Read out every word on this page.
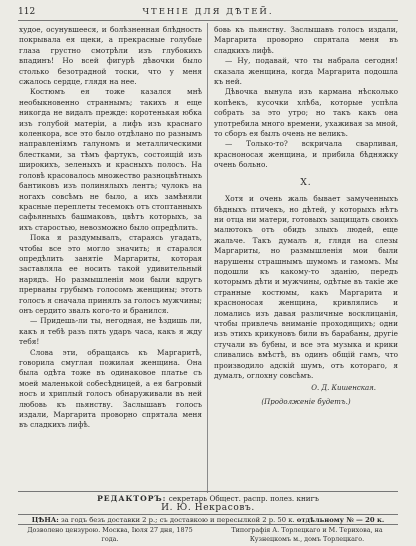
112	ЧТЕНІЕ ДЛЯ ДѢТЕЙ.

худое, осунувшееся, и болѣзненная блѣдность покрывала ея щеки, а прекрасные голубые глаза грустно смотрѣли изъ глубокихъ впадинъ! Но всей фигурѣ дѣвочки было столько безотрадной тоски, что у меня сжалось сердце, глядя на нее.

Костюмъ ея тоже казался мнѣ необыкновенно страннымъ; такихъ я еще никогда не видалъ прежде: коротенькая юбка изъ голубой матеріи, а лифъ изъ краснаго коленкора, все это было отдѣлано по разнымъ направленіямъ галуномъ и металлическими блестками, за тѣмъ фартукъ, состоящій изъ широкихъ, зеленыхъ и красныхъ полосъ. На головѣ красовалось множество разноцвѣтныхъ бантиковъ изъ полинялыхъ лентъ; чулокъ на ногахъ совсѣмъ не было, а ихъ замѣняли красные переплеты тесемокъ отъ стоптанныхъ сафьянныхъ башмаковъ, цвѣтъ которыхъ, за ихъ старостью, невозможно было опредѣлить.

Пока я раздумывалъ, стараясь угадать, чтобы все это могло значить; я старался опредѣлить занятіе Маргариты, которая заставляла ее носить такой удивительный нарядъ. Но размышленія мои были вдругъ прерваны грубымъ голосомъ женщины; этотъ голосъ я сначала принялъ за голосъ мужчины; онъ сердито звалъ кого-то и бранился.

— Придешь-ли ты, негодная, не ѣздишь ли, какъ я тебѣ разъ пять ударъ часа, какъ я жду тебя!

Слова эти, обращаясь къ Маргаритѣ, говорила смуглая пожилая женщина. Она была одѣта тоже въ одинаковое платье съ моей маленькой собесѣдницей, а ея багровый носъ и хриплый голосъ обнаруживали въ ней любовь къ пьянству. Заслышавъ голосъ издали, Маргарита проворно спрятала меня въ сладкихъ лифѣ.

бовь къ пьянству. Заслышавъ голосъ издали, Маргарита проворно спрятала меня въ сладкихъ лифѣ.

— Ну, подавай, что ты набрала сегодня! сказала женщина, когда Маргарита подошла къ ней.

Дѣвочка вынула изъ кармана нѣсколько копѣекъ, кусочки хлѣба, которые успѣла собрать за это утро; но такъ какъ она употребила много времени, ухаживая за мной, то сборъ ея былъ очень не великъ.

— Только-то? вскричала сварливая, красноносая женщина, и прибила бѣдняжку очень больно.

X.

Хотя и очень жаль бывает замученныхъ бѣдныхъ птичекъ, но дѣтей, у которыхъ нѣтъ ни отца ни матери, готовыхъ защищать своихъ малютокъ отъ обидъ злыхъ людей, еще жальче. Такъ думалъ я, глядя на слезы Маргариты, но размышленія мои были нарушены страшнымъ шумомъ и гамомъ. Мы подошли къ какому-то зданію, передъ которымъ дѣти и мужчины, одѣтые въ такіе же странные костюмы, какъ Маргарита и красноносая женщина, кривлялись и ломались изъ давая различные восклицанія, чтобы привлечь вниманіе проходящихъ; одни изъ этихъ крикуновъ били въ барабаны, другіе стучали въ бубны, и все эта музыка и крики сливались вмѣстѣ, въ одинъ общій гамъ, что производило адскій шумъ, отъ котораго, я думалъ, оглохну совсѣмъ.

О. Д. Кишенская.
(Продолженіе будетъ.)
РЕДАКТОРЪ: секретарь Общест. распр. полез. книгъ
И. Ю. Некрасовъ.
ЦѢНА: за годъ безъ доставки 2 р.; съ доставкою и пересылкой 2 р. 50 к. отдѣльному № — 20 к.
Дозволено цензурою. Москва, Іюля 27 дня, 1875 года.
Типографія А. Торлецкаго и М. Терихова, на Кузнецкомъ м., домъ Торлецкаго.
